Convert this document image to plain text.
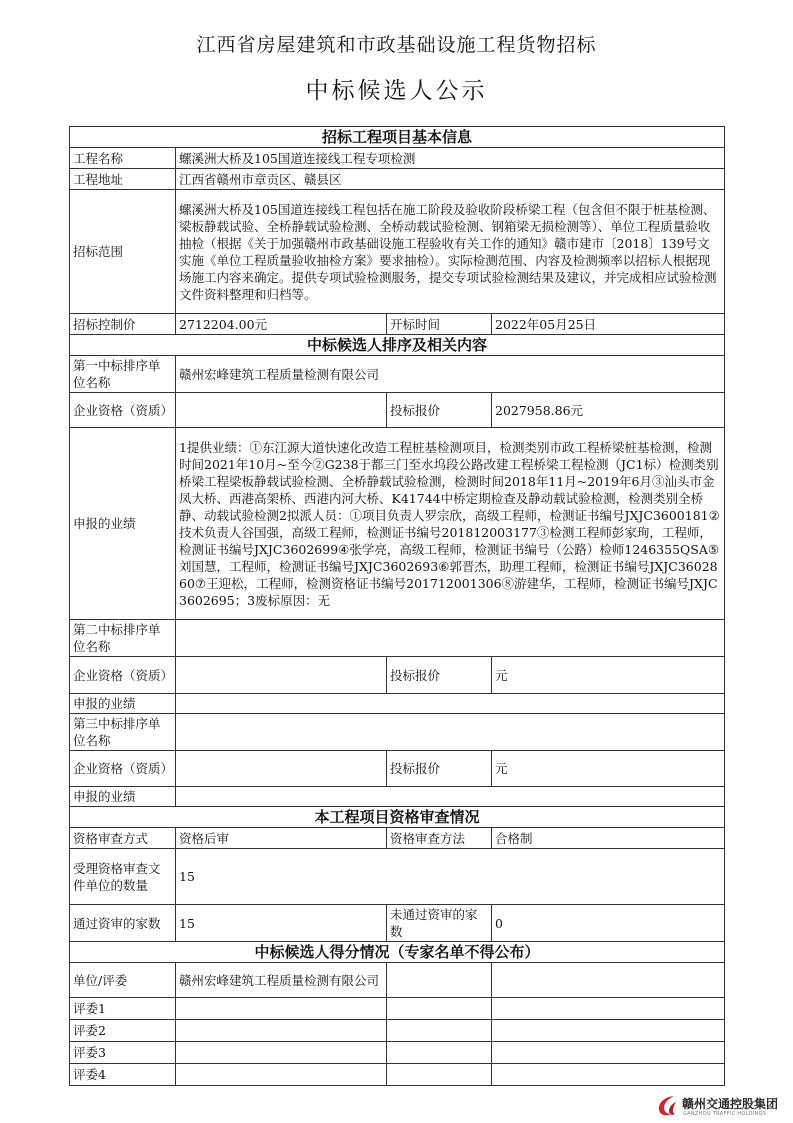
江西省房屋建筑和市政基础设施工程货物招标
中标候选人公示
招标工程项目基本信息			
工程名称	螺溪洲大桥及105国道连接线工程专项检测		
工程地址	江西省赣州市章贡区、赣县区		
招标范围	螺溪洲大桥及105国道连接线工程包括在施工阶段及验收阶段桥梁工程（包含但不限于桩基检测、梁板静载试验、全桥静载试验检测、全桥动载试验检测、钢箱梁无损检测等）、单位工程质量验收抽检（根据《关于加强赣州市政基础设施工程验收有关工作的通知》赣市建市〔2018〕139号文实施《单位工程质量验收抽检方案》要求抽检）。实际检测范围、内容及检测频率以招标人根据现场施工内容来确定。提供专项试验检测服务，提交专项试验检测结果及建议，并完成相应试验检测文件资料整理和归档等。		
招标控制价	2712204.00元	开标时间	2022年05月25日
中标候选人排序及相关内容			
第一中标排序单位名称	赣州宏峰建筑工程质量检测有限公司		
企业资格（资质）		投标报价	2027958.86元
申报的业绩	1提供业绩：①东江源大道快速化改造工程桩基检测项目，检测类别市政工程桥梁桩基检测，检测时间2021年10月~至今②G238于都三门至水坞段公路改建工程桥梁工程检测（JC1标）检测类别桥梁工程梁板静载试验检测、全桥静载试验检测，检测时间2018年11月~2019年6月③汕头市金凤大桥、西港高架桥、西港内河大桥、K41744中桥定期检查及静动载试验检测，检测类别全桥静、动载试验检测2拟派人员：①项目负责人罗宗欣，高级工程师，检测证书编号JXJC3600181②技术负责人谷国强，高级工程师，检测证书编号201812003177③检测工程师彭家珣，工程师，检测证书编号JXJC3602699④张学亮，高级工程师，检测证书编号（公路）检师1246355QSA⑤刘国慧，工程师，检测证书编号JXJC3602693⑥郭晋杰，助理工程师，检测证书编号JXJC3602860⑦王迎松，工程师，检测资格证书编号201712001306⑧游建华，工程师，检测证书编号JXJC3602695；3废标原因：无		
第二中标排序单位名称			
企业资格（资质）		投标报价	元
申报的业绩			
第三中标排序单位名称			
企业资格（资质）		投标报价	元
申报的业绩			
本工程项目资格审查情况			
资格审查方式	资格后审	资格审查方法	合格制
受理资格审查文件单位的数量	15		
通过资审的家数	15	未通过资审的家数	0
中标候选人得分情况（专家名单不得公布）			
单位/评委	赣州宏峰建筑工程质量检测有限公司		
评委1			
评委2			
评委3			
评委4			
赣州交通控股集团
GANZHOU TRAFFIC HOLDINGS
